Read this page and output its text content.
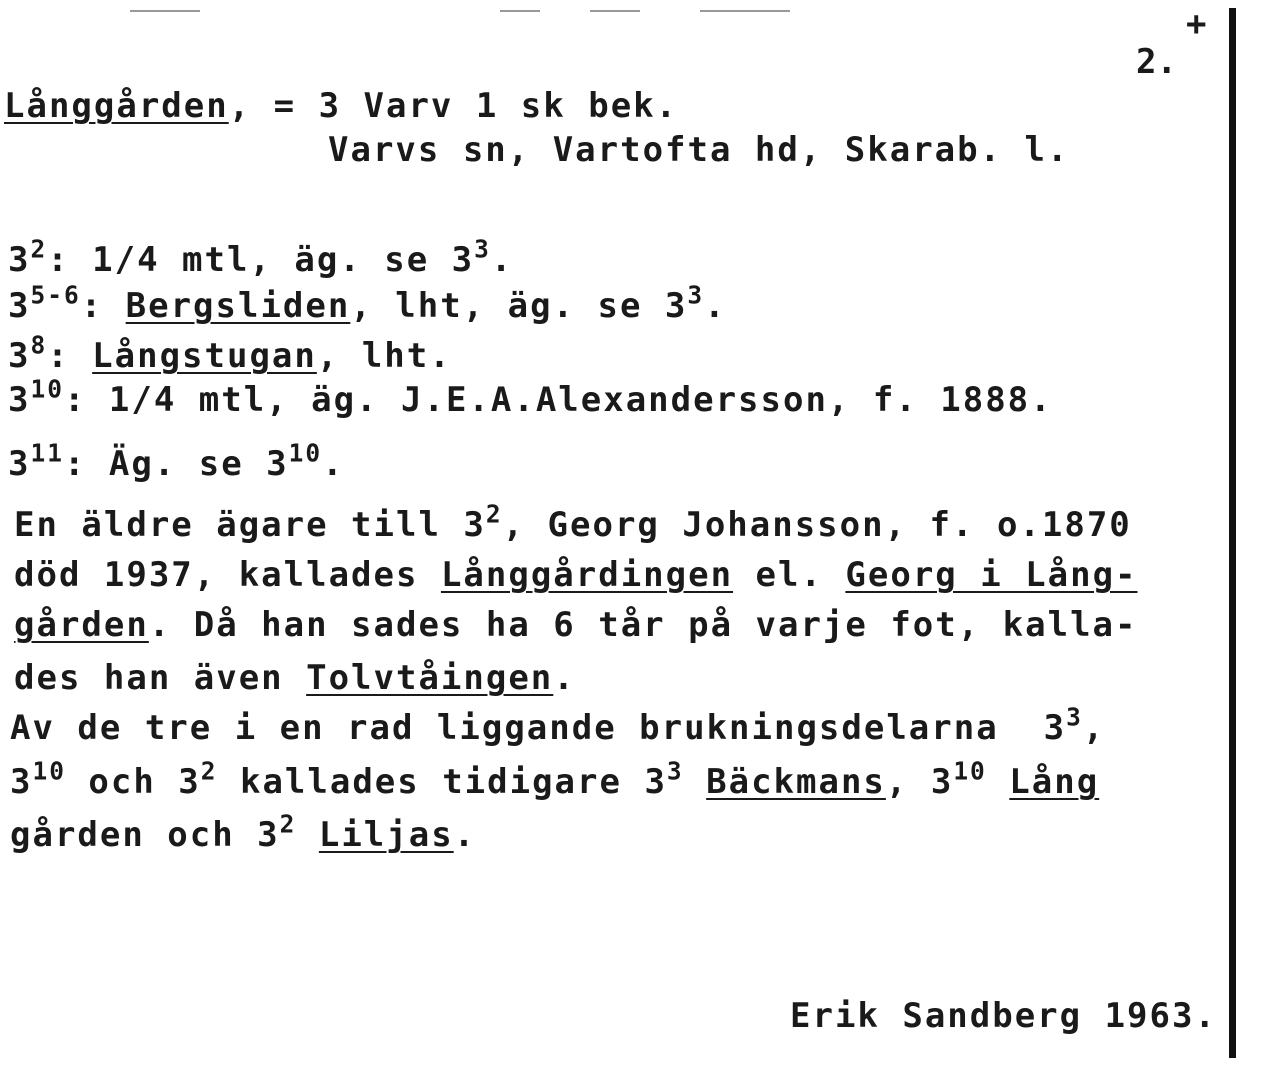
+
2.
Långgården, = 3 Varv 1 sk bek.
Varvs sn, Vartofta hd, Skarab. l.
$3^2$: 1/4 mtl, äg. se $3^3$.
3$^{5-6}$: Bergsliden, lht, äg. se $3^3$.
$3^8$: Långstugan, lht.
$3^{10}$: 1/4 mtl, äg. J.E.A.Alexandersson, f. 1888.
$3^{11}$: Äg. se $3^{10}$.
En äldre ägare till $3^2$, Georg Johansson, f. o.1870
död 1937, kallades Långgårdingen el. Georg i Lång-
gården. Då han sades ha 6 tår på varje fot, kalla-
des han även Tolvtåingen.
Av de tre i en rad liggande brukningsdelarna  $3^3$,
$3^{10}$ och $3^2$ kallades tidigare $3^3$ Bäckmans, $3^{10}$ Lång
gården och $3^2$ Liljas.
Erik Sandberg 1963.
